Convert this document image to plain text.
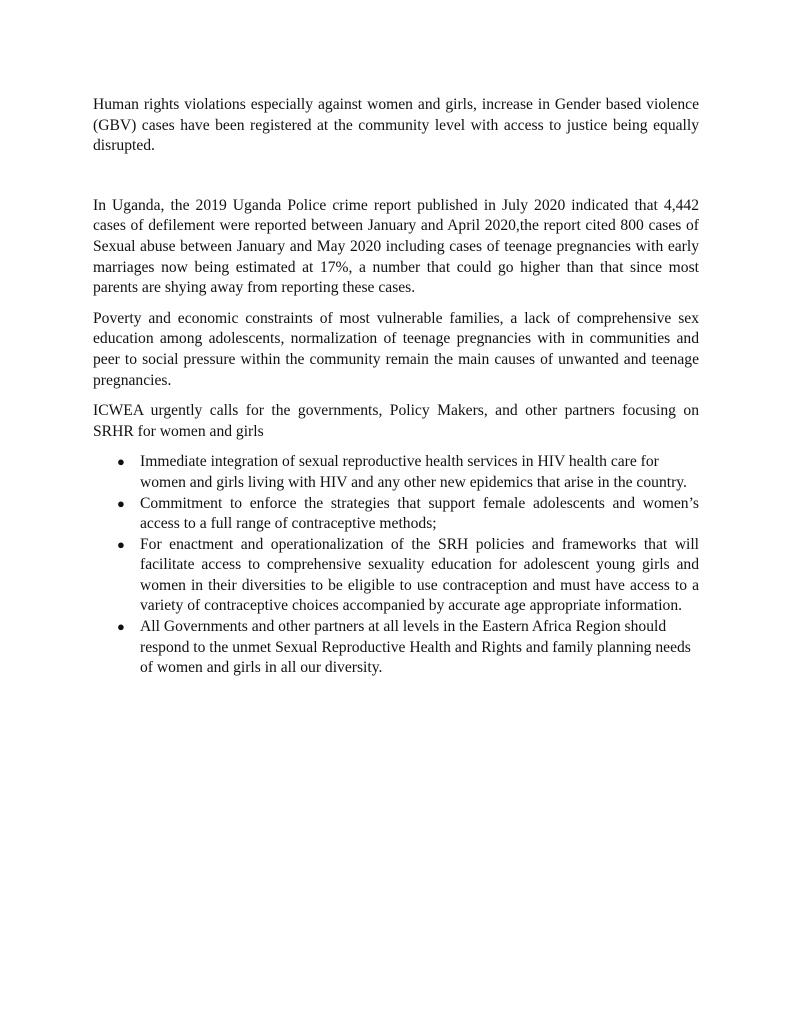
Human rights violations especially against women and girls, increase in Gender based violence (GBV) cases have been registered at the community level with access to justice being equally disrupted.

In Uganda, the 2019 Uganda Police crime report published in July 2020 indicated that 4,442 cases of defilement were reported between January and April 2020,the report cited 800 cases of Sexual abuse between January and May 2020 including cases of teenage pregnancies with early marriages now being estimated at 17%, a number that could go higher than that since most parents are shying away from reporting these cases.

Poverty and economic constraints of most vulnerable families, a lack of comprehensive sex education among adolescents, normalization of teenage pregnancies with in communities and peer to social pressure within the community remain the main causes of unwanted and teenage pregnancies.

ICWEA urgently calls for the governments, Policy Makers, and other partners focusing on SRHR for women and girls

● Immediate integration of sexual reproductive health services in HIV health care for women and girls living with HIV and any other new epidemics that arise in the country.
● Commitment to enforce the strategies that support female adolescents and women’s access to a full range of contraceptive methods;
● For enactment and operationalization of the SRH policies and frameworks that will facilitate access to comprehensive sexuality education for adolescent young girls and women in their diversities to be eligible to use contraception and must have access to a variety of contraceptive choices accompanied by accurate age appropriate information.
● All Governments and other partners at all levels in the Eastern Africa Region should respond to the unmet Sexual Reproductive Health and Rights and family planning needs of women and girls in all our diversity.
